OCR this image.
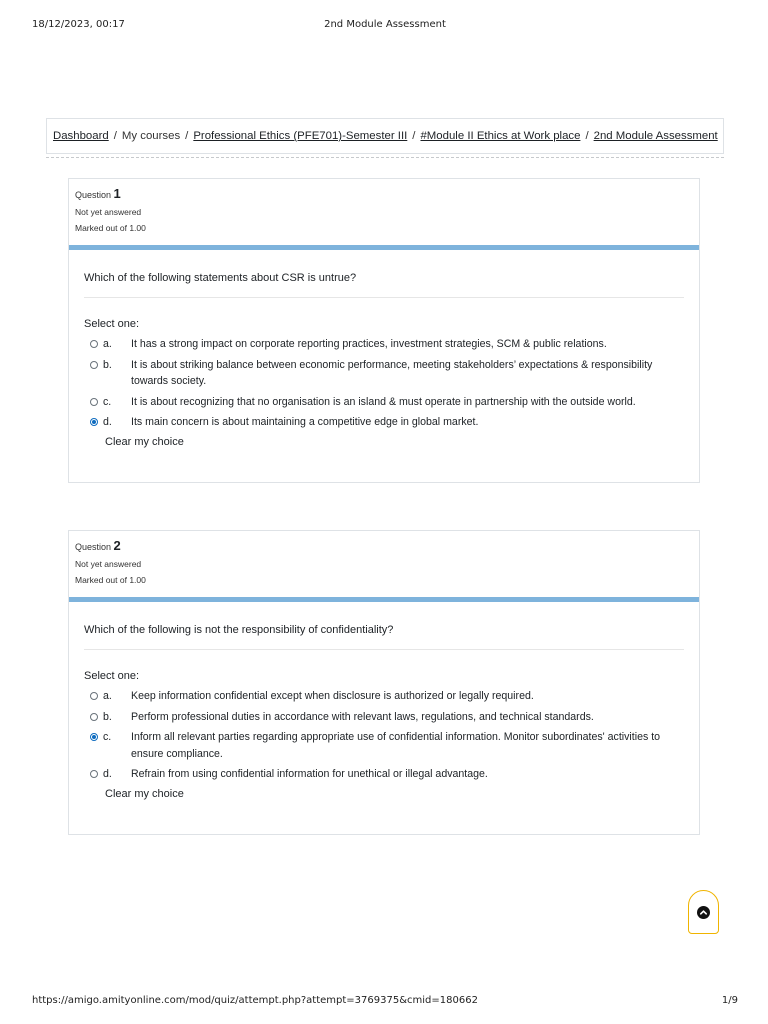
18/12/2023, 00:17	2nd Module Assessment
Dashboard / My courses / Professional Ethics (PFE701)-Semester III / #Module II Ethics at Work place / 2nd Module Assessment
Question 1
Not yet answered
Marked out of 1.00
Which of the following statements about CSR is untrue?
Select one:
a.	It has a strong impact on corporate reporting practices, investment strategies, SCM & public relations.
b.	It is about striking balance between economic performance, meeting stakeholders’ expectations & responsibility towards society.
c.	It is about recognizing that no organisation is an island & must operate in partnership with the outside world.
d.	Its main concern is about maintaining a competitive edge in global market.
Clear my choice
Question 2
Not yet answered
Marked out of 1.00
Which of the following is not the responsibility of confidentiality?
Select one:
a.	Keep information confidential except when disclosure is authorized or legally required.
b.	Perform professional duties in accordance with relevant laws, regulations, and technical standards.
c.	Inform all relevant parties regarding appropriate use of confidential information. Monitor subordinates' activities to ensure compliance.
d.	Refrain from using confidential information for unethical or illegal advantage.
Clear my choice
https://amigo.amityonline.com/mod/quiz/attempt.php?attempt=3769375&cmid=180662	1/9
